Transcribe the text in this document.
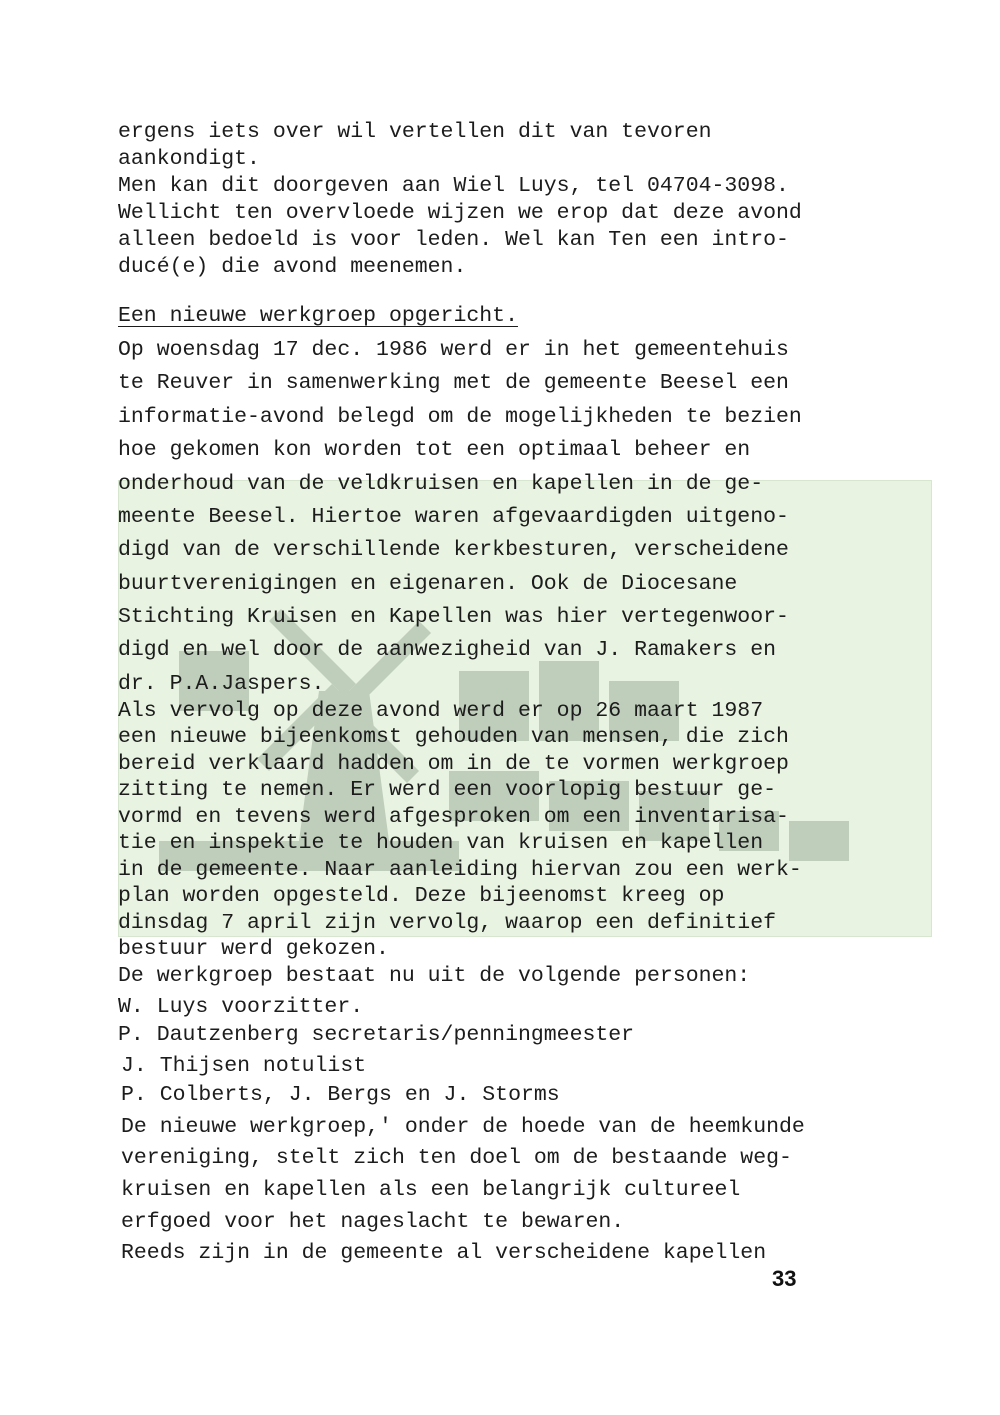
ergens iets over wil vertellen dit van tevoren

aankondigt.

Men kan dit doorgeven aan Wiel Luys, tel 04704-3098.

Wellicht ten overvloede wijzen we erop dat deze avond

alleen bedoeld is voor leden. Wel kan Ten een intro-

ducé(e) die avond meenemen.

Een nieuwe werkgroep opgericht.

Op woensdag 17 dec. 1986 werd er in het gemeentehuis

te Reuver in samenwerking met de gemeente Beesel een

informatie-avond belegd om de mogelijkheden te bezien

hoe gekomen kon worden tot een optimaal beheer en

onderhoud van de veldkruisen en kapellen in de ge-

meente Beesel. Hiertoe waren afgevaardigden uitgeno-

digd van de verschillende kerkbesturen, verscheidene

buurtverenigingen en eigenaren. Ook de Diocesane

Stichting Kruisen en Kapellen was hier vertegenwoor-

digd en wel door de aanwezigheid van J. Ramakers en

dr. P.A.Jaspers.

Als vervolg op deze avond werd er op 26 maart 1987

een nieuwe bijeenkomst gehouden van mensen, die zich

bereid verklaard hadden om in de te vormen werkgroep

zitting te nemen. Er werd een voorlopig bestuur ge-

vormd en tevens werd afgesproken om een inventarisa-

tie en inspektie te houden van kruisen en kapellen

in de gemeente. Naar aanleiding hiervan zou een werk-

plan worden opgesteld. Deze bijeenomst kreeg op

dinsdag 7 april zijn vervolg, waarop een definitief

bestuur werd gekozen.

De werkgroep bestaat nu uit de volgende personen:

W. Luys voorzitter.

P. Dautzenberg secretaris/penningmeester

J. Thijsen notulist

P. Colberts, J. Bergs en J. Storms

De nieuwe werkgroep,' onder de hoede van de heemkunde

vereniging, stelt zich ten doel om de bestaande weg-

kruisen en kapellen als een belangrijk cultureel

erfgoed voor het nageslacht te bewaren.

Reeds zijn in de gemeente al verscheidene kapellen

33
